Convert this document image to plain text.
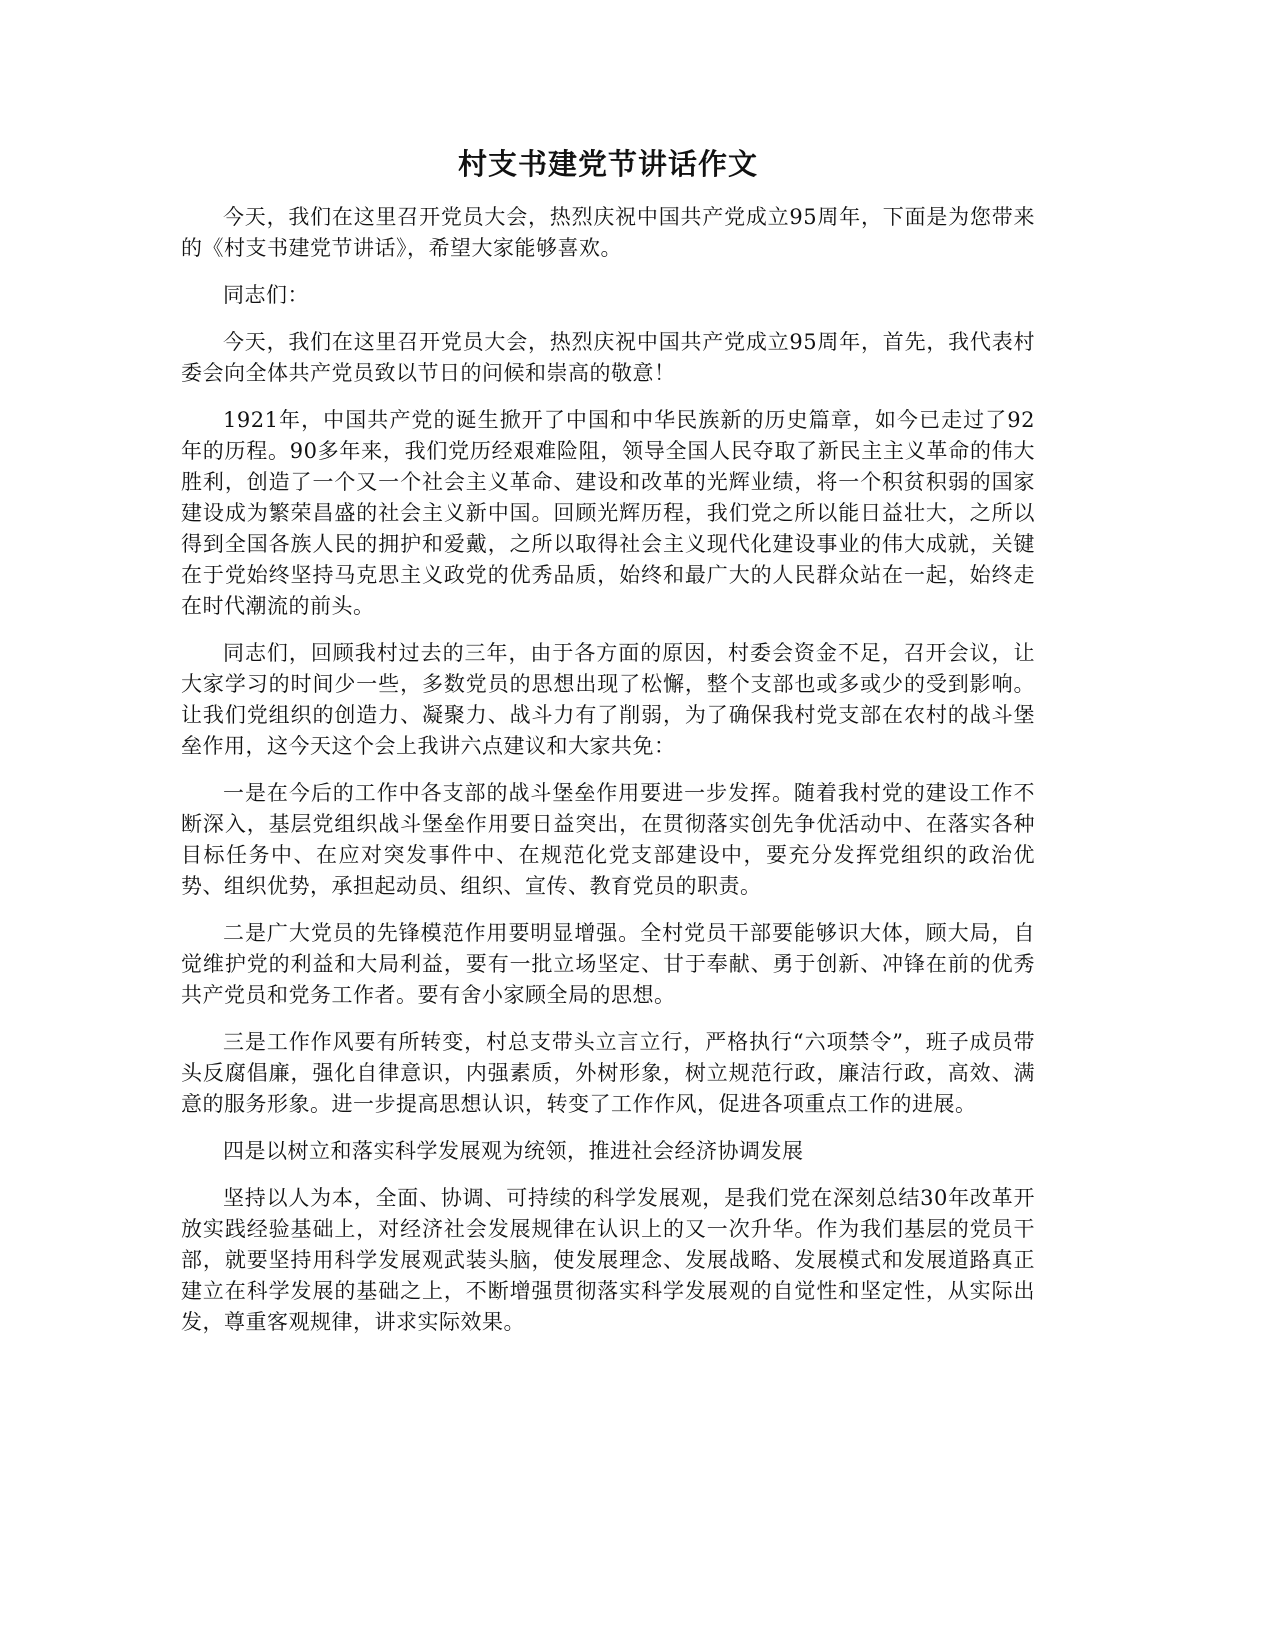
村支书建党节讲话作文

今天，我们在这里召开党员大会，热烈庆祝中国共产党成立95周年，下面是为您带来的《村支书建党节讲话》，希望大家能够喜欢。

同志们：

今天，我们在这里召开党员大会，热烈庆祝中国共产党成立95周年，首先，我代表村委会向全体共产党员致以节日的问候和崇高的敬意！

1921年，中国共产党的诞生掀开了中国和中华民族新的历史篇章，如今已走过了92年的历程。90多年来，我们党历经艰难险阻，领导全国人民夺取了新民主主义革命的伟大胜利，创造了一个又一个社会主义革命、建设和改革的光辉业绩，将一个积贫积弱的国家建设成为繁荣昌盛的社会主义新中国。回顾光辉历程，我们党之所以能日益壮大，之所以得到全国各族人民的拥护和爱戴，之所以取得社会主义现代化建设事业的伟大成就，关键在于党始终坚持马克思主义政党的优秀品质，始终和最广大的人民群众站在一起，始终走在时代潮流的前头。

同志们，回顾我村过去的三年，由于各方面的原因，村委会资金不足，召开会议，让大家学习的时间少一些，多数党员的思想出现了松懈，整个支部也或多或少的受到影响。让我们党组织的创造力、凝聚力、战斗力有了削弱，为了确保我村党支部在农村的战斗堡垒作用，这今天这个会上我讲六点建议和大家共免：

一是在今后的工作中各支部的战斗堡垒作用要进一步发挥。随着我村党的建设工作不断深入，基层党组织战斗堡垒作用要日益突出，在贯彻落实创先争优活动中、在落实各种目标任务中、在应对突发事件中、在规范化党支部建设中，要充分发挥党组织的政治优势、组织优势，承担起动员、组织、宣传、教育党员的职责。

二是广大党员的先锋模范作用要明显增强。全村党员干部要能够识大体，顾大局，自觉维护党的利益和大局利益，要有一批立场坚定、甘于奉献、勇于创新、冲锋在前的优秀共产党员和党务工作者。要有舍小家顾全局的思想。

三是工作作风要有所转变，村总支带头立言立行，严格执行“六项禁令”，班子成员带头反腐倡廉，强化自律意识，内强素质，外树形象，树立规范行政，廉洁行政，高效、满意的服务形象。进一步提高思想认识，转变了工作作风，促进各项重点工作的进展。

四是以树立和落实科学发展观为统领，推进社会经济协调发展

坚持以人为本，全面、协调、可持续的科学发展观，是我们党在深刻总结30年改革开放实践经验基础上，对经济社会发展规律在认识上的又一次升华。作为我们基层的党员干部，就要坚持用科学发展观武装头脑，使发展理念、发展战略、发展模式和发展道路真正建立在科学发展的基础之上，不断增强贯彻落实科学发展观的自觉性和坚定性，从实际出发，尊重客观规律，讲求实际效果。
